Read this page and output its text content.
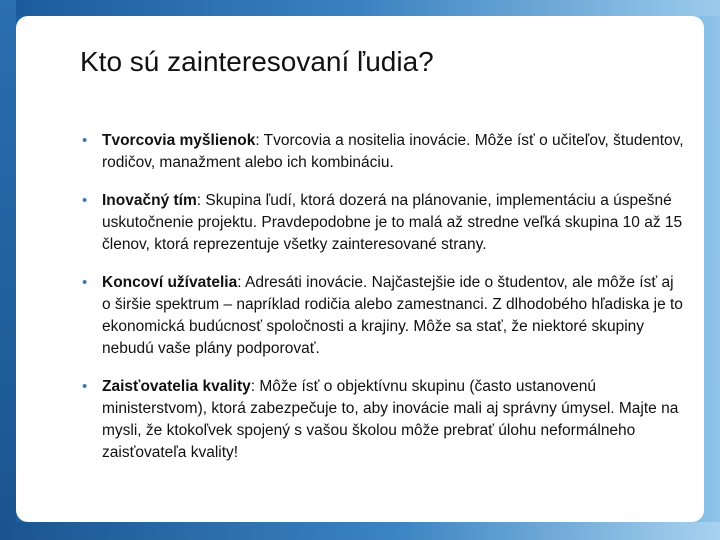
Kto sú zainteresovaní ľudia?
• Tvorcovia myšlienok: Tvorcovia a nositelia inovácie. Môže ísť o učiteľov, študentov, rodičov, manažment alebo ich kombináciu.
• Inovačný tím: Skupina ľudí, ktorá dozerá na plánovanie, implementáciu a úspešné uskutočnenie projektu. Pravdepodobne je to malá až stredne veľká skupina 10 až 15 členov, ktorá reprezentuje všetky zainteresované strany.
• Koncoví užívatelia: Adresáti inovácie. Najčastejšie ide o študentov, ale môže ísť aj o širšie spektrum – napríklad rodičia alebo zamestnanci. Z dlhodobého hľadiska je to ekonomická budúcnosť spoločnosti a krajiny. Môže sa stať, že niektoré skupiny nebudú vaše plány podporovať.
• Zaisťovatelia kvality: Môže ísť o objektívnu skupinu (často ustanovenú ministerstvom), ktorá zabezpečuje to, aby inovácie mali aj správny úmysel. Majte na mysli, že ktokoľvek spojený s vašou školou môže prebrať úlohu neformálneho zaisťovateľa kvality!
